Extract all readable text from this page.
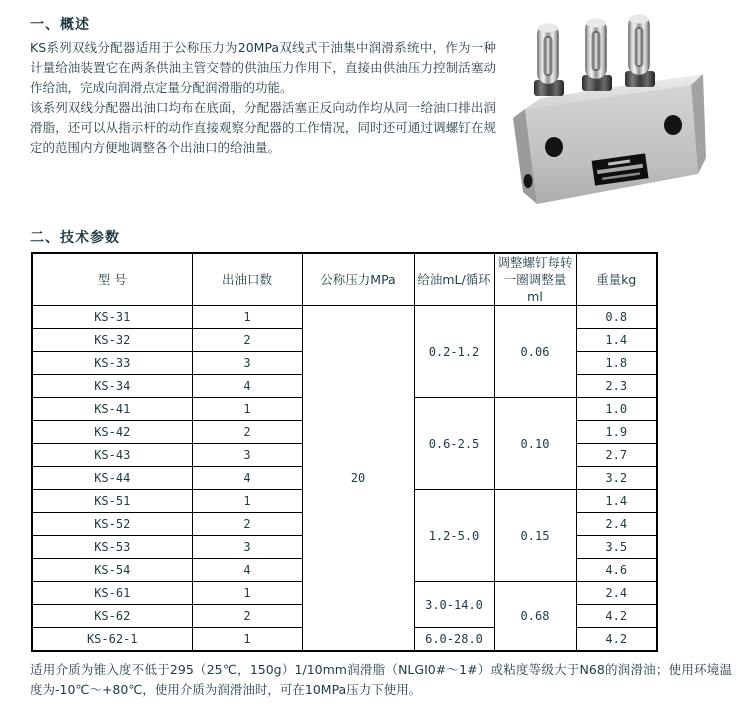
一、概述

KS系列双线分配器适用于公称压力为20MPa双线式干油集中润滑系统中，作为一种计量给油装置它在两条供油主管交替的供油压力作用下，直接由供油压力控制活塞动作给油，完成向润滑点定量分配润滑脂的功能。

该系列双线分配器出油口均布在底面，分配器活塞正反向动作均从同一给油口排出润滑脂，还可以从指示杆的动作直接观察分配器的工作情况，同时还可通过调螺钉在规定的范围内方便地调整各个出油口的给油量。

二、技术参数
型 号	出油口数	公称压力MPa	给油mL/循环	调整螺钉每转一圈调整量ml	重量kg
KS-31	1	20	0.2-1.2	0.06	0.8
KS-32	2				1.4
KS-33	3				1.8
KS-34	4				2.3
KS-41	1		0.6-2.5	0.10	1.0
KS-42	2				1.9
KS-43	3				2.7
KS-44	4				3.2
KS-51	1		1.2-5.0	0.15	1.4
KS-52	2				2.4
KS-53	3				3.5
KS-54	4				4.6
KS-61	1		3.0-14.0	0.68	2.4
KS-62	2				4.2
KS-62-1	1		6.0-28.0		4.2
适用介质为锥入度不低于295（25℃，150g）1/10mm润滑脂（NLGI0#～1#）或粘度等级大于N68的润滑油；使用环境温度为-10℃～+80℃，使用介质为润滑油时，可在10MPa压力下使用。
